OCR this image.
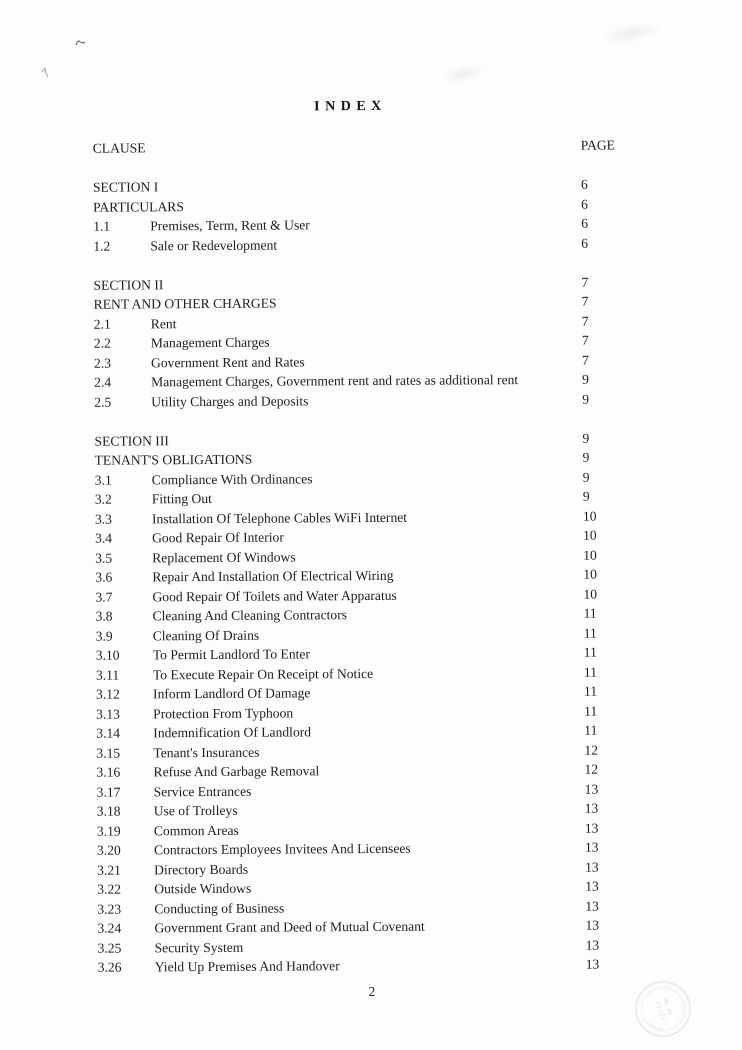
INDEX
CLAUSE	PAGE
SECTION I	6
PARTICULARS	6
1.1	Premises, Term, Rent & User	6
1.2	Sale or Redevelopment	6
SECTION II	7
RENT AND OTHER CHARGES	7
2.1	Rent	7
2.2	Management Charges	7
2.3	Government Rent and Rates	7
2.4	Management Charges, Government rent and rates as additional rent	9
2.5	Utility Charges and Deposits	9
SECTION III	9
TENANT'S OBLIGATIONS	9
3.1	Compliance With Ordinances	9
3.2	Fitting Out	9
3.3	Installation Of Telephone Cables WiFi Internet	10
3.4	Good Repair Of Interior	10
3.5	Replacement Of Windows	10
3.6	Repair And Installation Of Electrical Wiring	10
3.7	Good Repair Of Toilets and Water Apparatus	10
3.8	Cleaning And Cleaning Contractors	11
3.9	Cleaning Of Drains	11
3.10	To Permit Landlord To Enter	11
3.11	To Execute Repair On Receipt of Notice	11
3.12	Inform Landlord Of Damage	11
3.13	Protection From Typhoon	11
3.14	Indemnification Of Landlord	11
3.15	Tenant's Insurances	12
3.16	Refuse And Garbage Removal	12
3.17	Service Entrances	13
3.18	Use of Trolleys	13
3.19	Common Areas	13
3.20	Contractors Employees Invitees And Licensees	13
3.21	Directory Boards	13
3.22	Outside Windows	13
3.23	Conducting of Business	13
3.24	Government Grant and Deed of Mutual Covenant	13
3.25	Security System	13
3.26	Yield Up Premises And Handover	13
2
